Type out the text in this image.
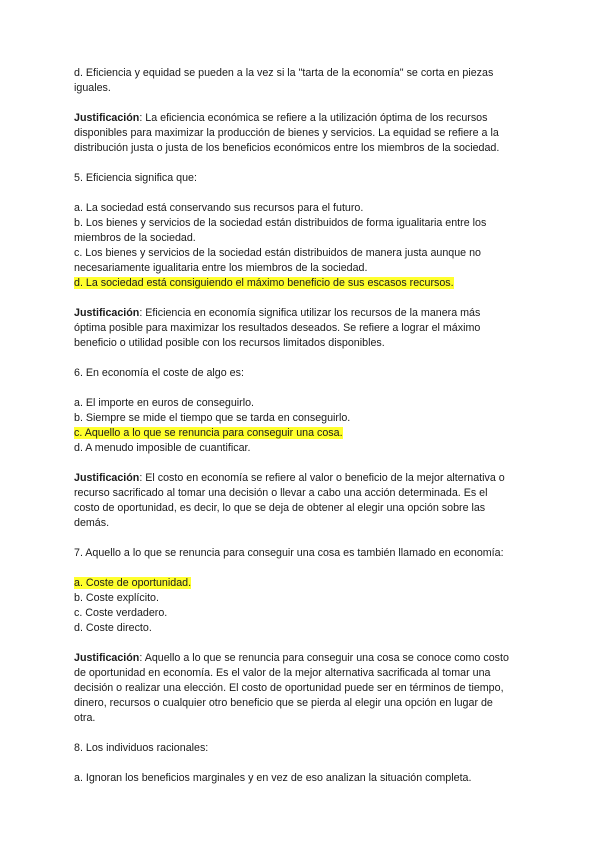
d. Eficiencia y equidad se pueden a la vez si la "tarta de la economía" se corta en piezas

iguales.

Justificación: La eficiencia económica se refiere a la utilización óptima de los recursos

disponibles para maximizar la producción de bienes y servicios. La equidad se refiere a la

distribución justa o justa de los beneficios económicos entre los miembros de la sociedad.

5. Eficiencia significa que:

a. La sociedad está conservando sus recursos para el futuro.

b. Los bienes y servicios de la sociedad están distribuidos de forma igualitaria entre los

miembros de la sociedad.

c. Los bienes y servicios de la sociedad están distribuidos de manera justa aunque no

necesariamente igualitaria entre los miembros de la sociedad.

d. La sociedad está consiguiendo el máximo beneficio de sus escasos recursos.

Justificación: Eficiencia en economía significa utilizar los recursos de la manera más

óptima posible para maximizar los resultados deseados. Se refiere a lograr el máximo

beneficio o utilidad posible con los recursos limitados disponibles.

6. En economía el coste de algo es:

a. El importe en euros de conseguirlo.

b. Siempre se mide el tiempo que se tarda en conseguirlo.

c. Aquello a lo que se renuncia para conseguir una cosa.

d. A menudo imposible de cuantificar.

Justificación: El costo en economía se refiere al valor o beneficio de la mejor alternativa o

recurso sacrificado al tomar una decisión o llevar a cabo una acción determinada. Es el

costo de oportunidad, es decir, lo que se deja de obtener al elegir una opción sobre las

demás.

7. Aquello a lo que se renuncia para conseguir una cosa es también llamado en economía:

a. Coste de oportunidad.

b. Coste explícito.

c. Coste verdadero.

d. Coste directo.

Justificación: Aquello a lo que se renuncia para conseguir una cosa se conoce como costo

de oportunidad en economía. Es el valor de la mejor alternativa sacrificada al tomar una

decisión o realizar una elección. El costo de oportunidad puede ser en términos de tiempo,

dinero, recursos o cualquier otro beneficio que se pierda al elegir una opción en lugar de

otra.

8. Los individuos racionales:

a. Ignoran los beneficios marginales y en vez de eso analizan la situación completa.
